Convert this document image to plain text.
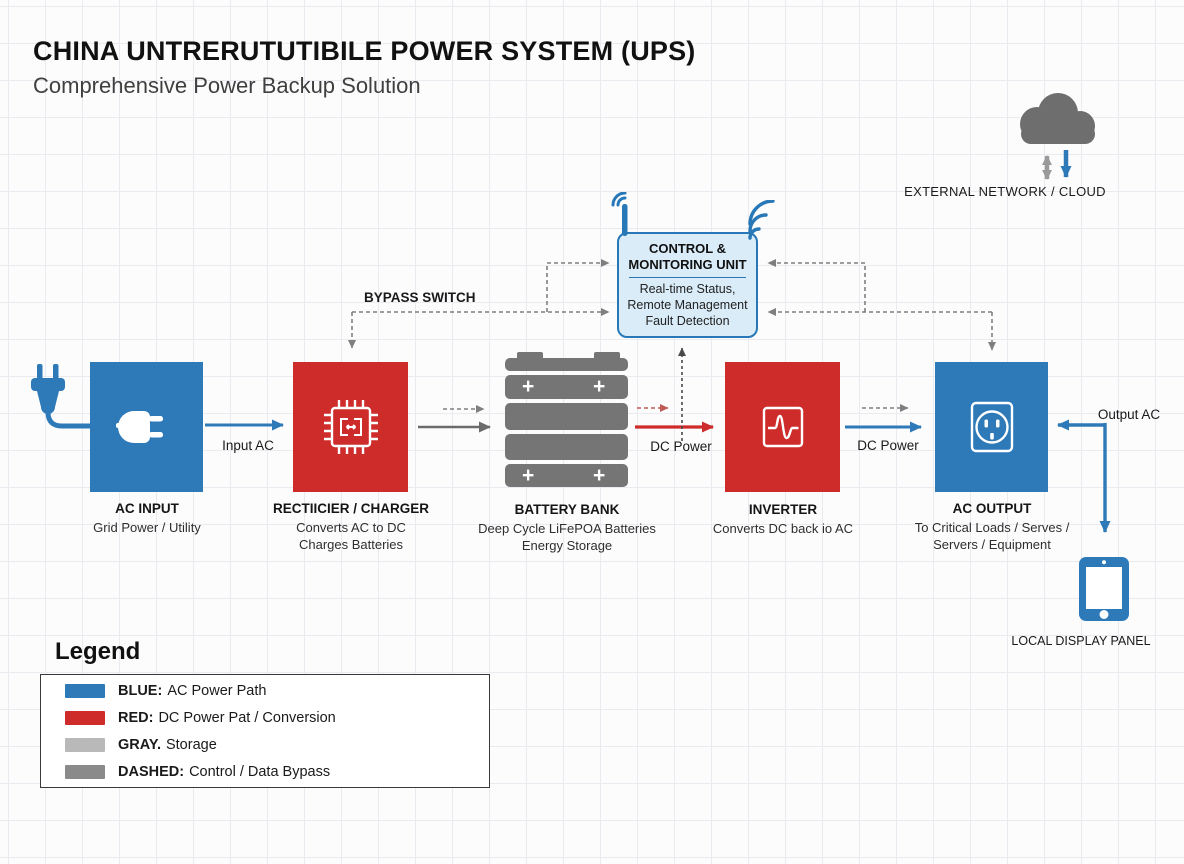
CHINA UNTRERUTUTIBILE POWER SYSTEM (UPS)
Comprehensive Power Backup Solution
EXTERNAL NETWORK / CLOUD
CONTROL &
MONITORING UNIT
Real-time Status,
Remote Management
Fault Detection
BYPASS SWITCH
+	+
+	+
AC INPUT
Grid Power / Utility
RECTIICIER / CHARGER
Converts AC to DC
Charges Batteries
BATTERY BANK
Deep Cycle LiFePOA Batteries
Energy Storage
INVERTER
Converts DC back io AC
AC OUTPUT
To Critical Loads / Serves /
Servers / Equipment
Input AC	DC Power	DC Power
Output AC
LOCAL DISPLAY PANEL
Legend
BLUE: AC Power Path
RED: DC Power Pat / Conversion
GRAY. Storage
DASHED: Control / Data Bypass
